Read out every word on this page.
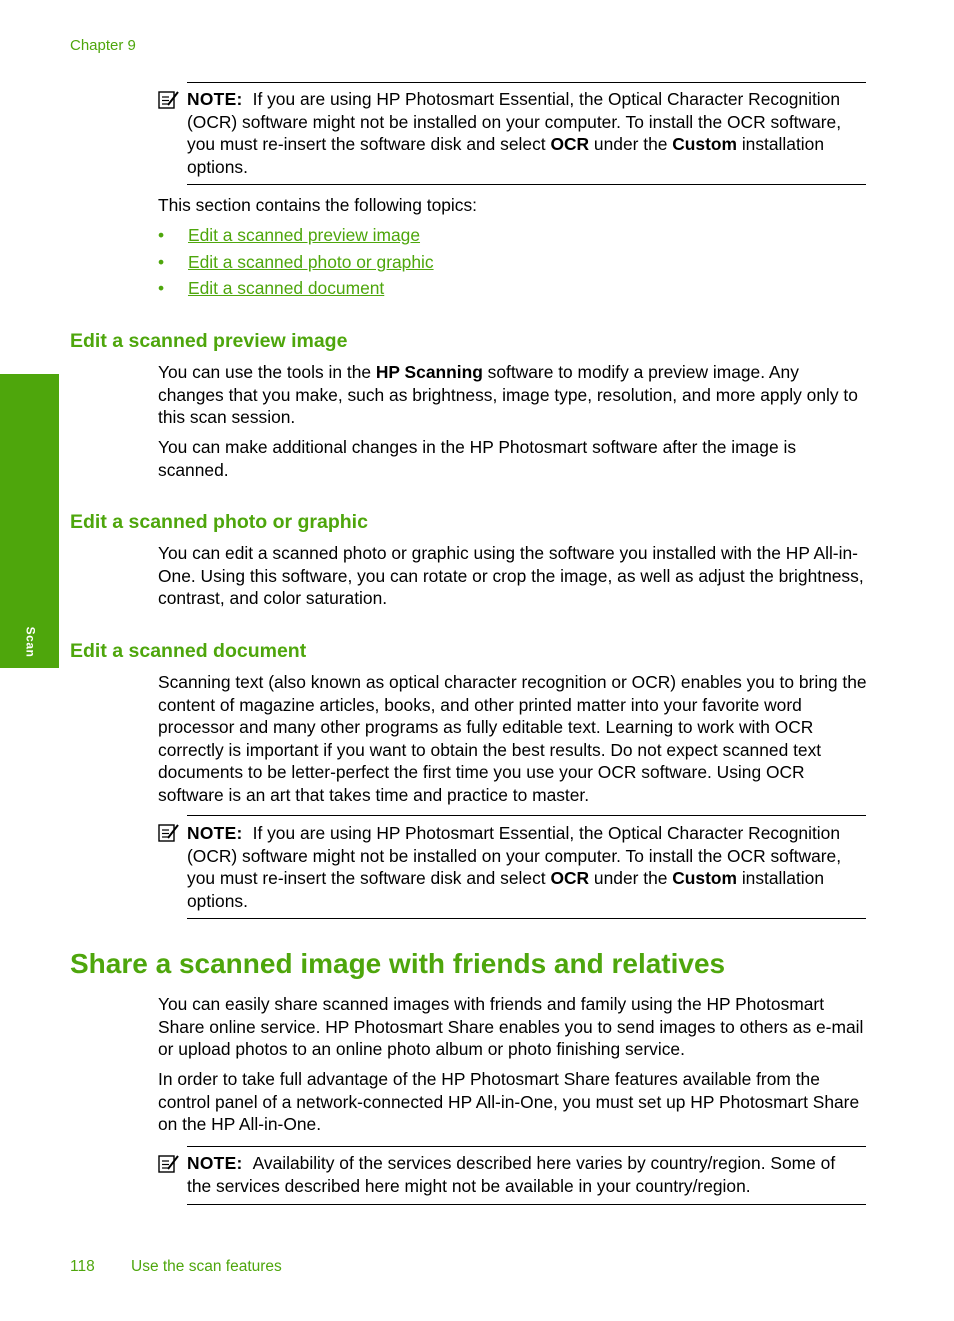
Chapter 9
Scan
NOTE: If you are using HP Photosmart Essential, the Optical Character Recognition
(OCR) software might not be installed on your computer. To install the OCR software,
you must re-insert the software disk and select OCR under the Custom installation
options.
This section contains the following topics:
• Edit a scanned preview image
• Edit a scanned photo or graphic
• Edit a scanned document
Edit a scanned preview image
You can use the tools in the HP Scanning software to modify a preview image. Any changes that you make, such as brightness, image type, resolution, and more apply only to this scan session.
You can make additional changes in the HP Photosmart software after the image is scanned.
Edit a scanned photo or graphic
You can edit a scanned photo or graphic using the software you installed with the HP All-in-One. Using this software, you can rotate or crop the image, as well as adjust the brightness, contrast, and color saturation.
Edit a scanned document
Scanning text (also known as optical character recognition or OCR) enables you to bring the content of magazine articles, books, and other printed matter into your favorite word processor and many other programs as fully editable text. Learning to work with OCR correctly is important if you want to obtain the best results. Do not expect scanned text documents to be letter-perfect the first time you use your OCR software. Using OCR software is an art that takes time and practice to master.
NOTE: If you are using HP Photosmart Essential, the Optical Character Recognition
(OCR) software might not be installed on your computer. To install the OCR software,
you must re-insert the software disk and select OCR under the Custom installation
options.
Share a scanned image with friends and relatives
You can easily share scanned images with friends and family using the HP Photosmart Share online service. HP Photosmart Share enables you to send images to others as e-mail or upload photos to an online photo album or photo finishing service.
In order to take full advantage of the HP Photosmart Share features available from the control panel of a network-connected HP All-in-One, you must set up HP Photosmart Share on the HP All-in-One.
NOTE: Availability of the services described here varies by country/region. Some of
the services described here might not be available in your country/region.
118 Use the scan features
